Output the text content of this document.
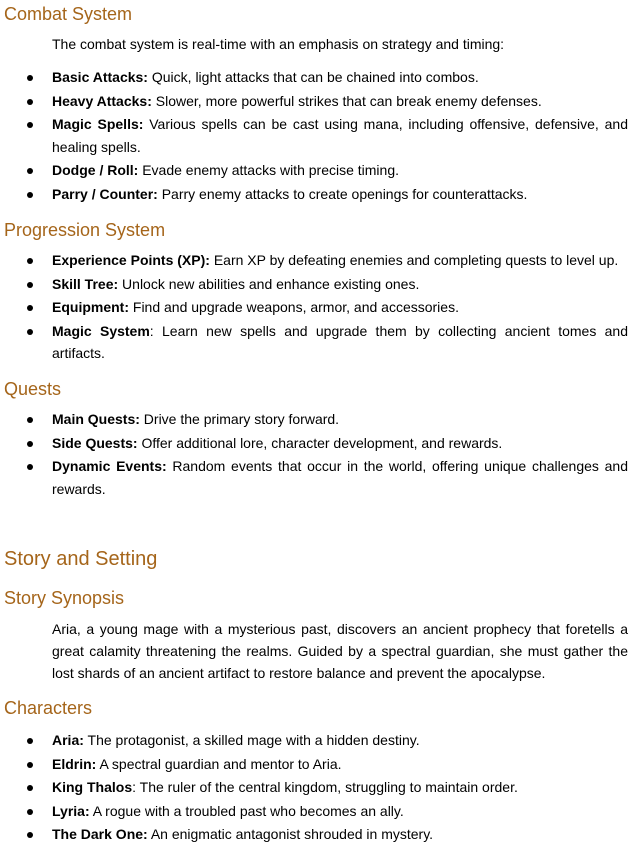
Combat System
The combat system is real-time with an emphasis on strategy and timing:
Basic Attacks: Quick, light attacks that can be chained into combos.
Heavy Attacks: Slower, more powerful strikes that can break enemy defenses.
Magic Spells: Various spells can be cast using mana, including offensive, defensive, and healing spells.
Dodge / Roll: Evade enemy attacks with precise timing.
Parry / Counter: Parry enemy attacks to create openings for counterattacks.
Progression System
Experience Points (XP): Earn XP by defeating enemies and completing quests to level up.
Skill Tree: Unlock new abilities and enhance existing ones.
Equipment: Find and upgrade weapons, armor, and accessories.
Magic System: Learn new spells and upgrade them by collecting ancient tomes and artifacts.
Quests
Main Quests: Drive the primary story forward.
Side Quests: Offer additional lore, character development, and rewards.
Dynamic Events: Random events that occur in the world, offering unique challenges and rewards.
Story and Setting
Story Synopsis
Aria, a young mage with a mysterious past, discovers an ancient prophecy that foretells a great calamity threatening the realms. Guided by a spectral guardian, she must gather the lost shards of an ancient artifact to restore balance and prevent the apocalypse.
Characters
Aria: The protagonist, a skilled mage with a hidden destiny.
Eldrin: A spectral guardian and mentor to Aria.
King Thalos: The ruler of the central kingdom, struggling to maintain order.
Lyria: A rogue with a troubled past who becomes an ally.
The Dark One: An enigmatic antagonist shrouded in mystery.
